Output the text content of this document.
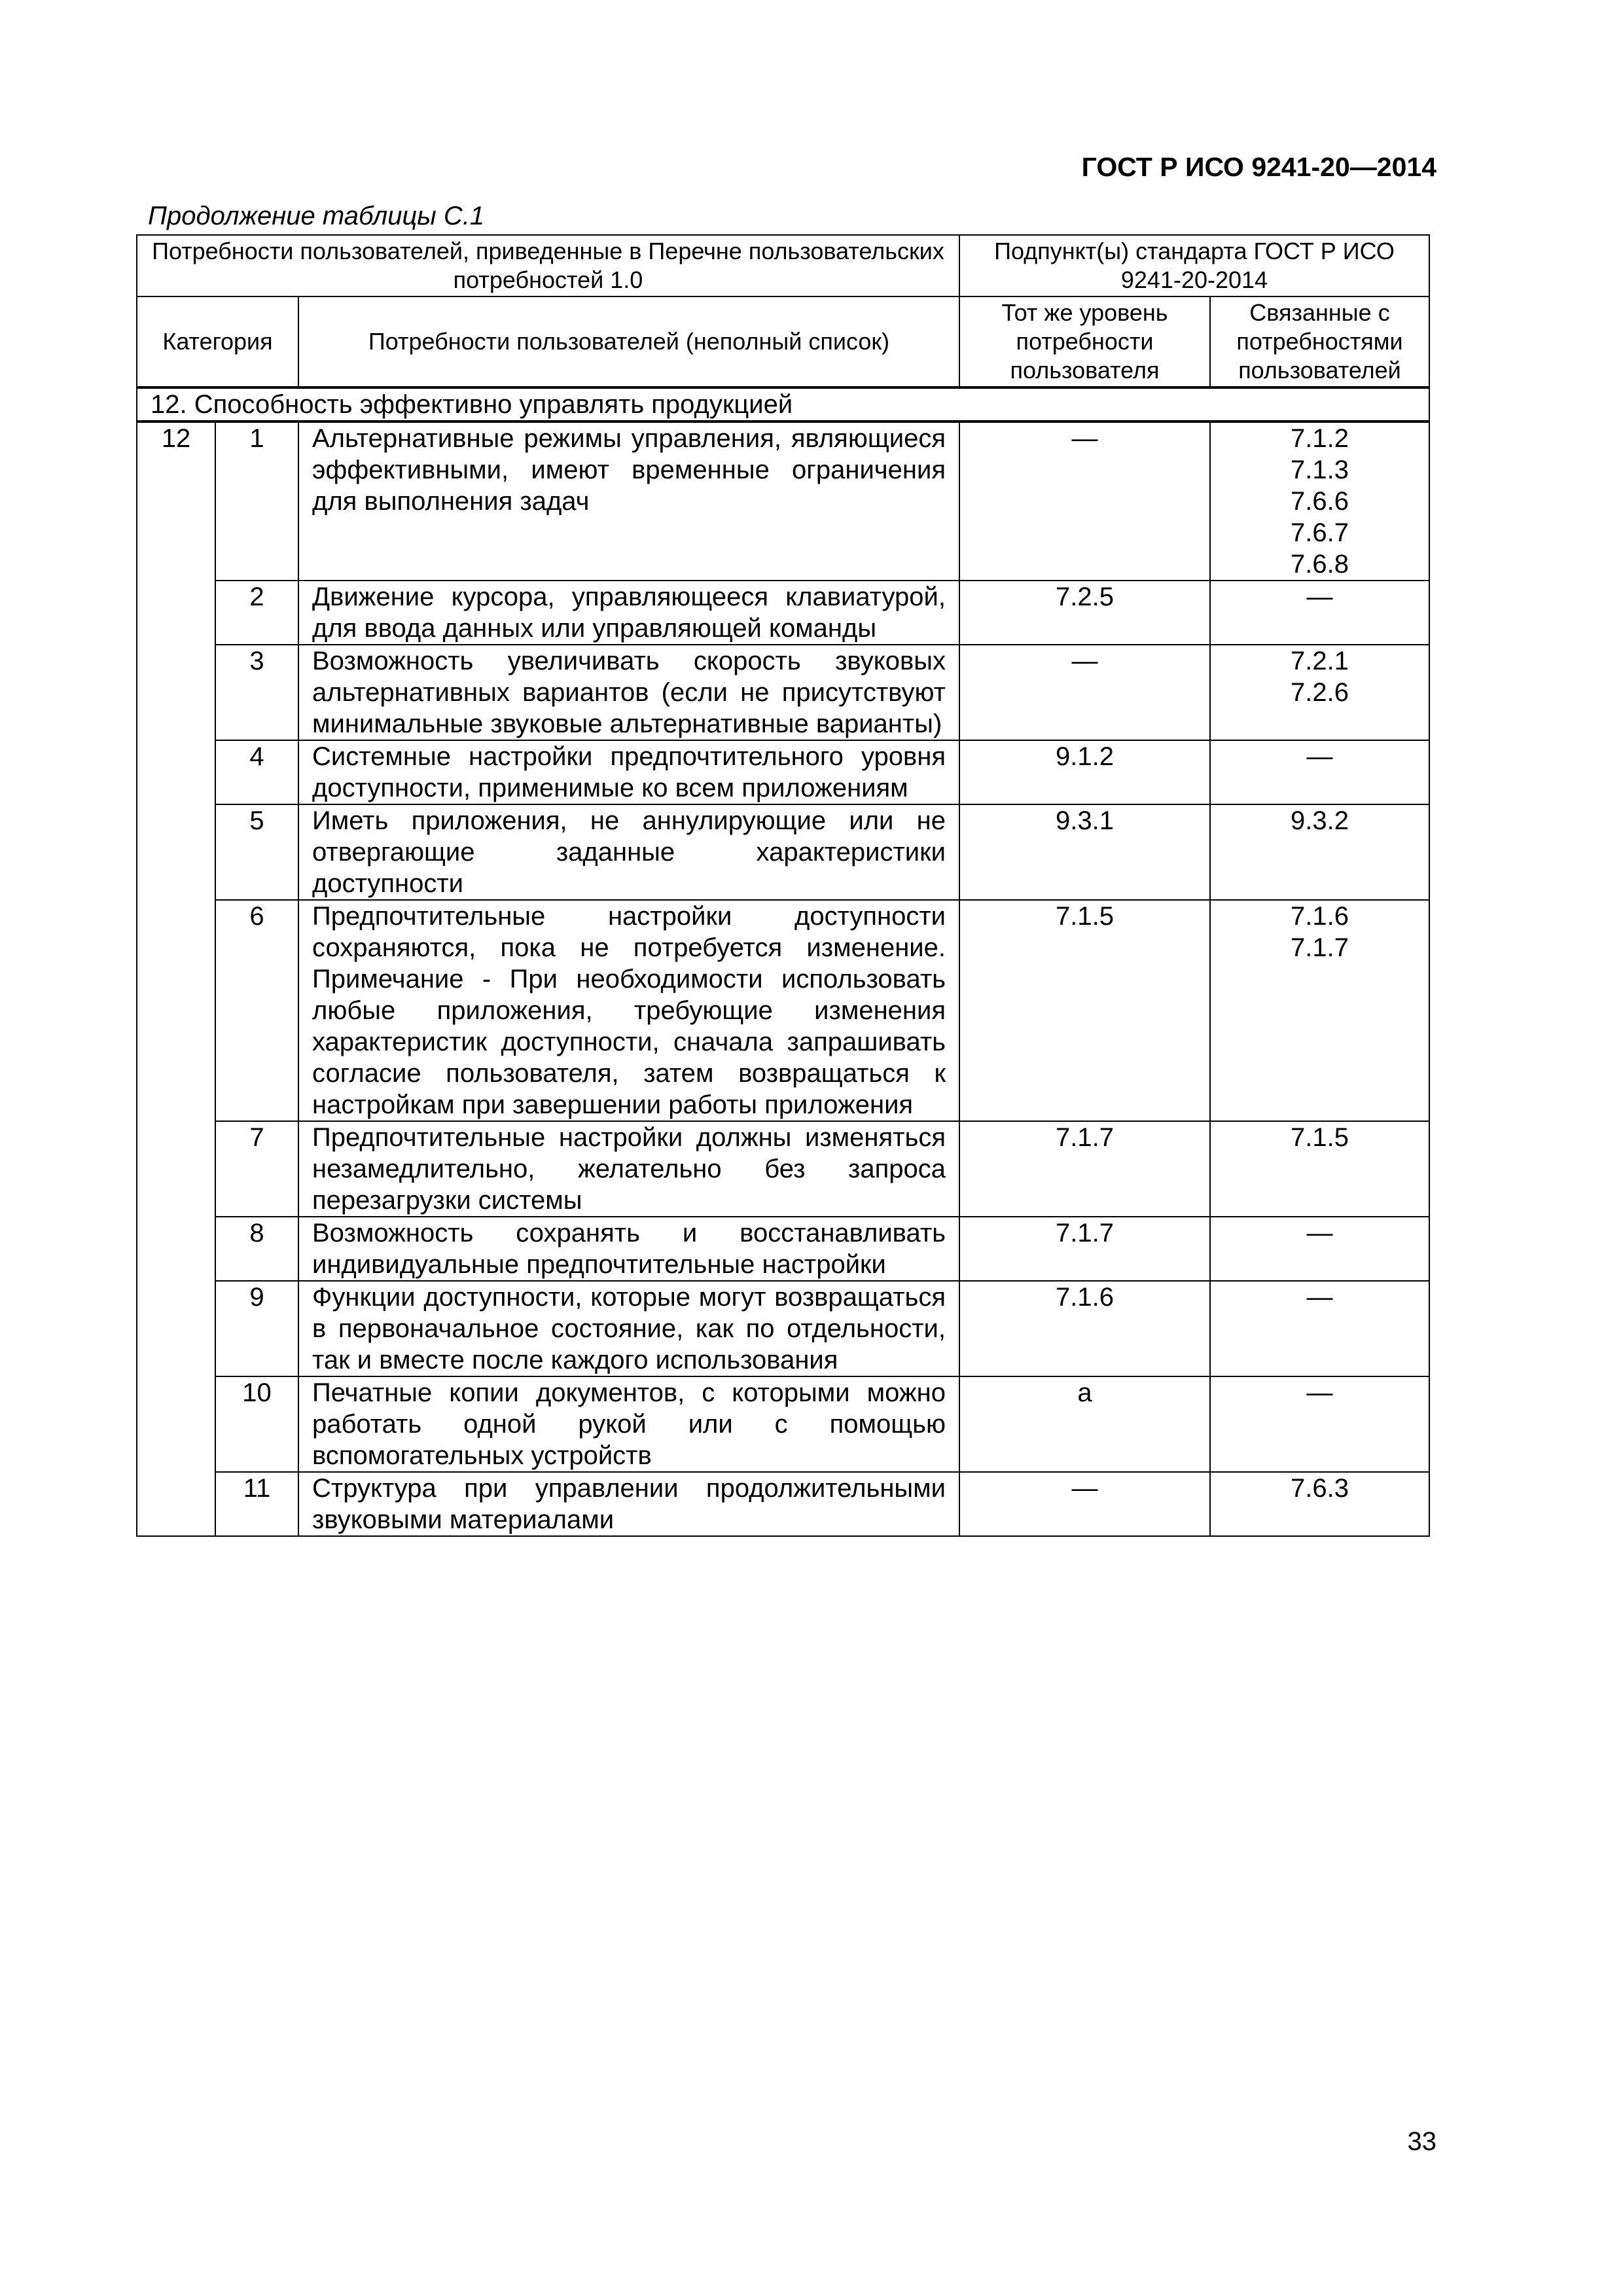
ГОСТ Р ИСО 9241-20—2014
Продолжение таблицы С.1
Потребности пользователей, приведенные в Перечне пользовательских потребностей 1.0			Подпункт(ы) стандарта ГОСТ Р ИСО 9241-20-2014	
Категория		Потребности пользователей (неполный список)	Тот же уровень потребности пользователя	Связанные с потребностями пользователей
12. Способность эффективно управлять продукцией				
12	1	Альтернативные режимы управления, являющиеся эффективными, имеют временные ограничения для выполнения задач	—	7.1.2
7.1.3
7.6.6
7.6.7
7.6.8

	2	Движение курсора, управляющееся клавиатурой, для ввода данных или управляющей команды	7.2.5	—

	3	Возможность увеличивать скорость звуковых альтернативных вариантов (если не присутствуют минимальные звуковые альтернативные варианты)	—	7.2.1
7.2.6

	4	Системные настройки предпочтительного уровня доступности, применимые ко всем приложениям	9.1.2	—

	5	Иметь приложения, не аннулирующие или не отвергающие заданные характеристики доступности	9.3.1	9.3.2

	6	Предпочтительные настройки доступности сохраняются, пока не потребуется изменение. Примечание - При необходимости использовать любые приложения, требующие изменения характеристик доступности, сначала запрашивать согласие пользователя, затем возвращаться к настройкам при завершении работы приложения	7.1.5	7.1.6
7.1.7

	7	Предпочтительные настройки должны изменяться незамедлительно, желательно без запроса перезагрузки системы	7.1.7	7.1.5

	8	Возможность сохранять и восстанавливать индивидуальные предпочтительные настройки	7.1.7	—

	9	Функции доступности, которые могут возвращаться в первоначальное состояние, как по отдельности, так и вместе после каждого использования	7.1.6	—

	10	Печатные копии документов, с которыми можно работать одной рукой или с помощью вспомогательных устройств	a	—

	11	Структура при управлении продолжительными звуковыми материалами	—	7.6.3
33
